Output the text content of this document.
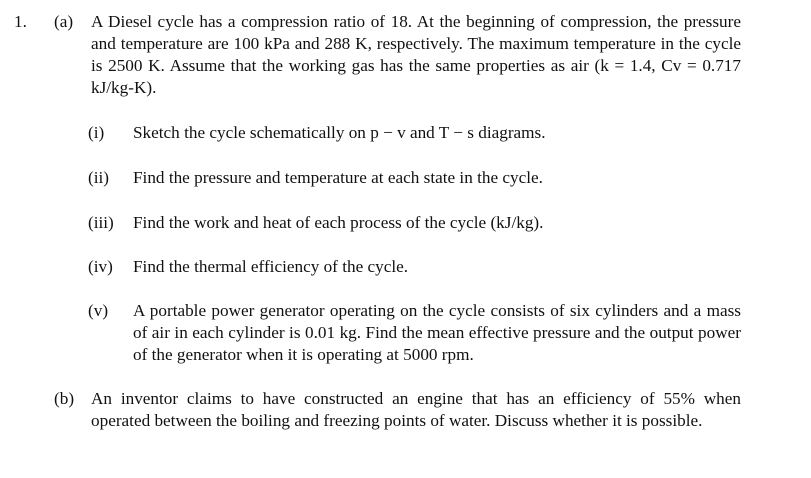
1. (a) A Diesel cycle has a compression ratio of 18. At the beginning of compression, the pressure and temperature are 100 kPa and 288 K, respectively. The maximum temperature in the cycle is 2500 K. Assume that the working gas has the same properties as air (k = 1.4, Cv = 0.717 kJ/kg-K).
(i) Sketch the cycle schematically on p − v and T − s diagrams.
(ii) Find the pressure and temperature at each state in the cycle.
(iii) Find the work and heat of each process of the cycle (kJ/kg).
(iv) Find the thermal efficiency of the cycle.
(v) A portable power generator operating on the cycle consists of six cylinders and a mass of air in each cylinder is 0.01 kg. Find the mean effective pressure and the output power of the generator when it is operating at 5000 rpm.
(b) An inventor claims to have constructed an engine that has an efficiency of 55% when operated between the boiling and freezing points of water. Discuss whether it is possible.
